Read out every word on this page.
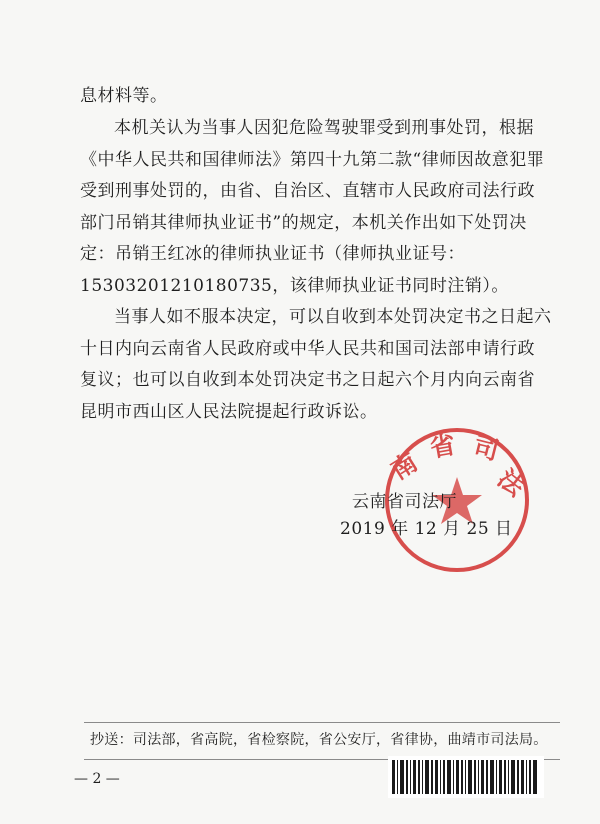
息材料等。

本机关认为当事人因犯危险驾驶罪受到刑事处罚，根据《中华人民共和国律师法》第四十九第二款“律师因故意犯罪受到刑事处罚的，由省、自治区、直辖市人民政府司法行政部门吊销其律师执业证书”的规定，本机关作出如下处罚决定：吊销王红冰的律师执业证书（律师执业证号：15303201210180735，该律师执业证书同时注销）。

当事人如不服本决定，可以自收到本处罚决定书之日起六十日内向云南省人民政府或中华人民共和国司法部申请行政复议；也可以自收到本处罚决定书之日起六个月内向云南省昆明市西山区人民法院提起行政诉讼。

南
省 司
法
云南省司法厅
2019 年 12 月 25 日
抄送：司法部，省高院，省检察院，省公安厅，省律协，曲靖市司法局。
— 2 —
